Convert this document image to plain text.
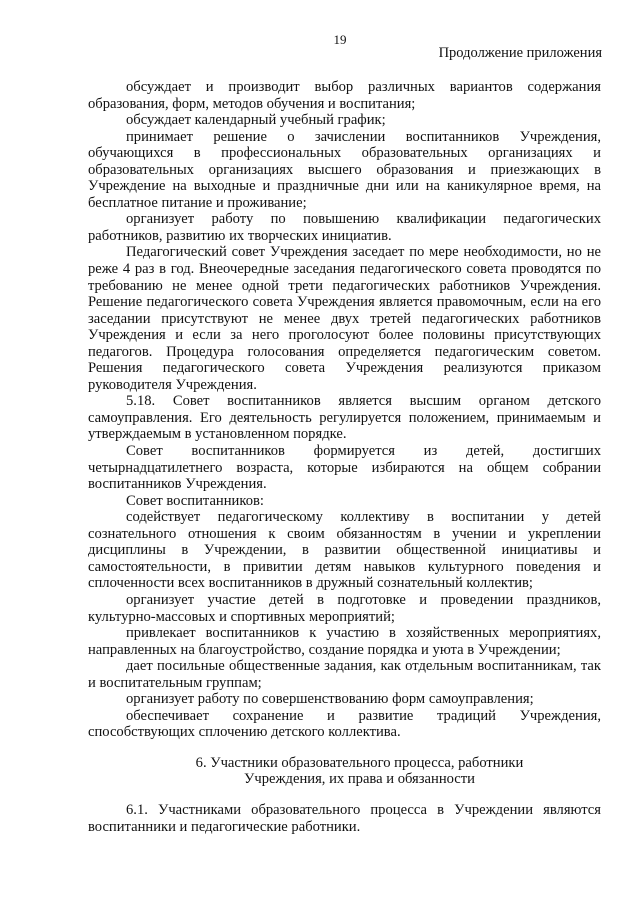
19
Продолжение приложения

обсуждает и производит выбор различных вариантов содержания образования, форм, методов обучения и воспитания;

обсуждает календарный учебный график;

принимает решение о зачислении воспитанников Учреждения, обучающихся в профессиональных образовательных организациях и образовательных организациях высшего образования и приезжающих в Учреждение на выходные и праздничные дни или на каникулярное время, на бесплатное питание и проживание;

организует работу по повышению квалификации педагогических работников, развитию их творческих инициатив.

Педагогический совет Учреждения заседает по мере необходимости, но не реже 4 раз в год. Внеочередные заседания педагогического совета проводятся по требованию не менее одной трети педагогических работников Учреждения. Решение педагогического совета Учреждения является правомочным, если на его заседании присутствуют не менее двух третей педагогических работников Учреждения и если за него проголосуют более половины присутствующих педагогов. Процедура голосования определяется педагогическим советом. Решения педагогического совета Учреждения реализуются приказом руководителя Учреждения.

5.18. Совет воспитанников является высшим органом детского самоуправления. Его деятельность регулируется положением, принимаемым и утверждаемым в установленном порядке.

Совет воспитанников формируется из детей, достигших четырнадцатилетнего возраста, которые избираются на общем собрании воспитанников Учреждения.

Совет воспитанников:

содействует педагогическому коллективу в воспитании у детей сознательного отношения к своим обязанностям в учении и укреплении дисциплины в Учреждении, в развитии общественной инициативы и самостоятельности, в привитии детям навыков культурного поведения и сплоченности всех воспитанников в дружный сознательный коллектив;

организует участие детей в подготовке и проведении праздников, культурно-массовых и спортивных мероприятий;

привлекает воспитанников к участию в хозяйственных мероприятиях, направленных на благоустройство, создание порядка и уюта в Учреждении;

дает посильные общественные задания, как отдельным воспитанникам, так и воспитательным группам;

организует работу по совершенствованию форм самоуправления;

обеспечивает сохранение и развитие традиций Учреждения, способствующих сплочению детского коллектива.

6. Участники образовательного процесса, работники
Учреждения, их права и обязанности

6.1. Участниками образовательного процесса в Учреждении являются воспитанники и педагогические работники.
